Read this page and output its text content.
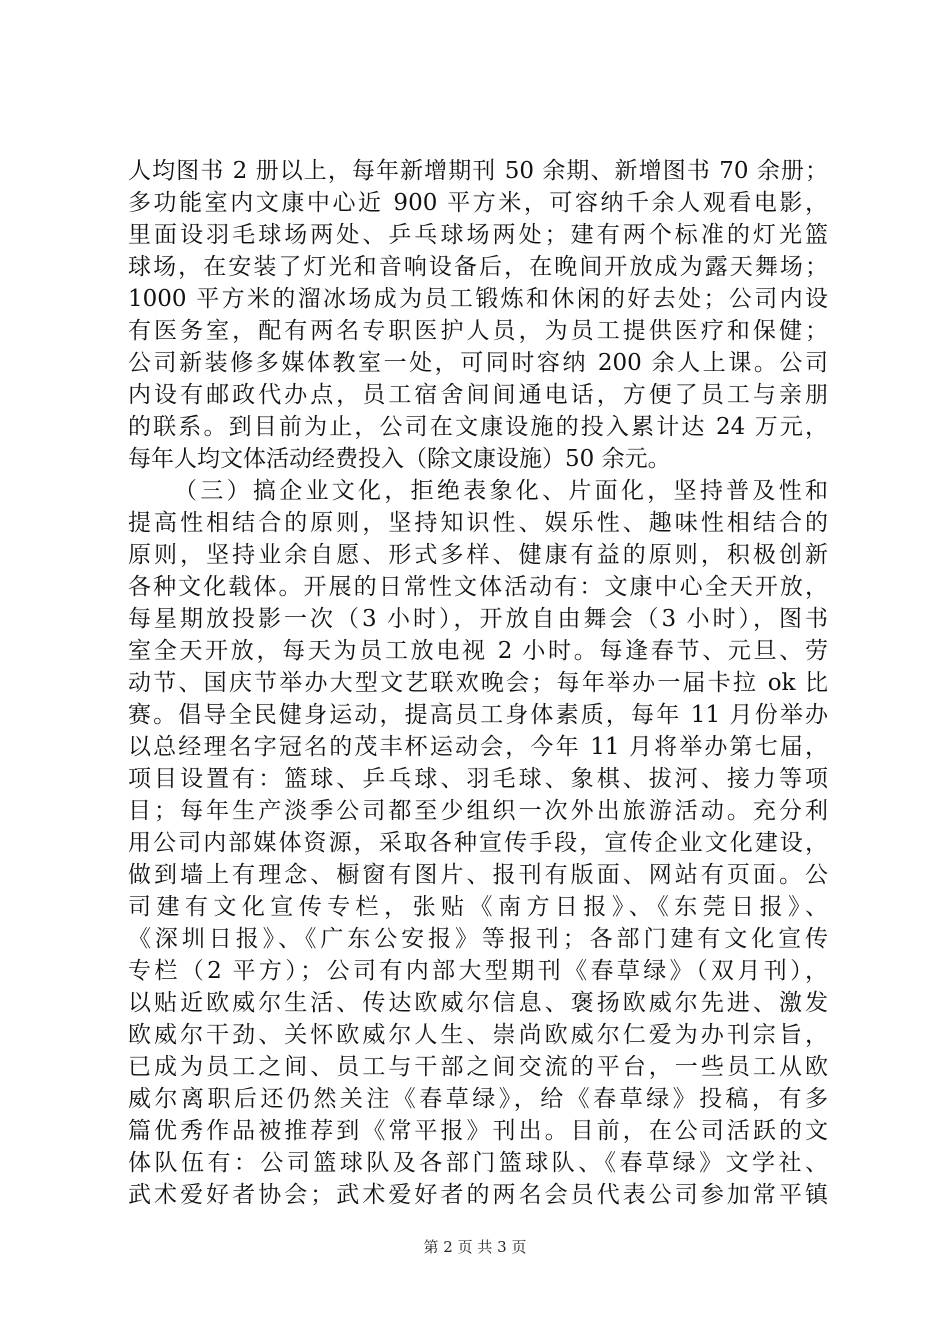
人均图书 2 册以上，每年新增期刊 50 余期、新增图书 70 余册；
多功能室内文康中心近 900 平方米，可容纳千余人观看电影，
里面设羽毛球场两处、乒乓球场两处；建有两个标准的灯光篮
球场，在安装了灯光和音响设备后，在晚间开放成为露天舞场；
1000 平方米的溜冰场成为员工锻炼和休闲的好去处；公司内设
有医务室，配有两名专职医护人员，为员工提供医疗和保健；
公司新装修多媒体教室一处，可同时容纳 200 余人上课。公司
内设有邮政代办点，员工宿舍间间通电话，方便了员工与亲朋
的联系。到目前为止，公司在文康设施的投入累计达 24 万元，
每年人均文体活动经费投入（除文康设施）50 余元。
（三）搞企业文化，拒绝表象化、片面化，坚持普及性和
提高性相结合的原则，坚持知识性、娱乐性、趣味性相结合的
原则，坚持业余自愿、形式多样、健康有益的原则，积极创新
各种文化载体。开展的日常性文体活动有：文康中心全天开放，
每星期放投影一次（3 小时），开放自由舞会（3 小时），图书
室全天开放，每天为员工放电视 2 小时。每逢春节、元旦、劳
动节、国庆节举办大型文艺联欢晚会；每年举办一届卡拉 ok 比
赛。倡导全民健身运动，提高员工身体素质，每年 11 月份举办
以总经理名字冠名的茂丰杯运动会，今年 11 月将举办第七届，
项目设置有：篮球、乒乓球、羽毛球、象棋、拔河、接力等项
目；每年生产淡季公司都至少组织一次外出旅游活动。充分利
用公司内部媒体资源，采取各种宣传手段，宣传企业文化建设，
做到墙上有理念、橱窗有图片、报刊有版面、网站有页面。公
司建有文化宣传专栏，张贴《南方日报》、《东莞日报》、
《深圳日报》、《广东公安报》等报刊；各部门建有文化宣传
专栏（2 平方）；公司有内部大型期刊《春草绿》（双月刊），
以贴近欧威尔生活、传达欧威尔信息、褒扬欧威尔先进、激发
欧威尔干劲、关怀欧威尔人生、崇尚欧威尔仁爱为办刊宗旨，
已成为员工之间、员工与干部之间交流的平台，一些员工从欧
威尔离职后还仍然关注《春草绿》，给《春草绿》投稿，有多
篇优秀作品被推荐到《常平报》刊出。目前，在公司活跃的文
体队伍有：公司篮球队及各部门篮球队、《春草绿》文学社、
武术爱好者协会；武术爱好者的两名会员代表公司参加常平镇
第 2 页 共 3 页
